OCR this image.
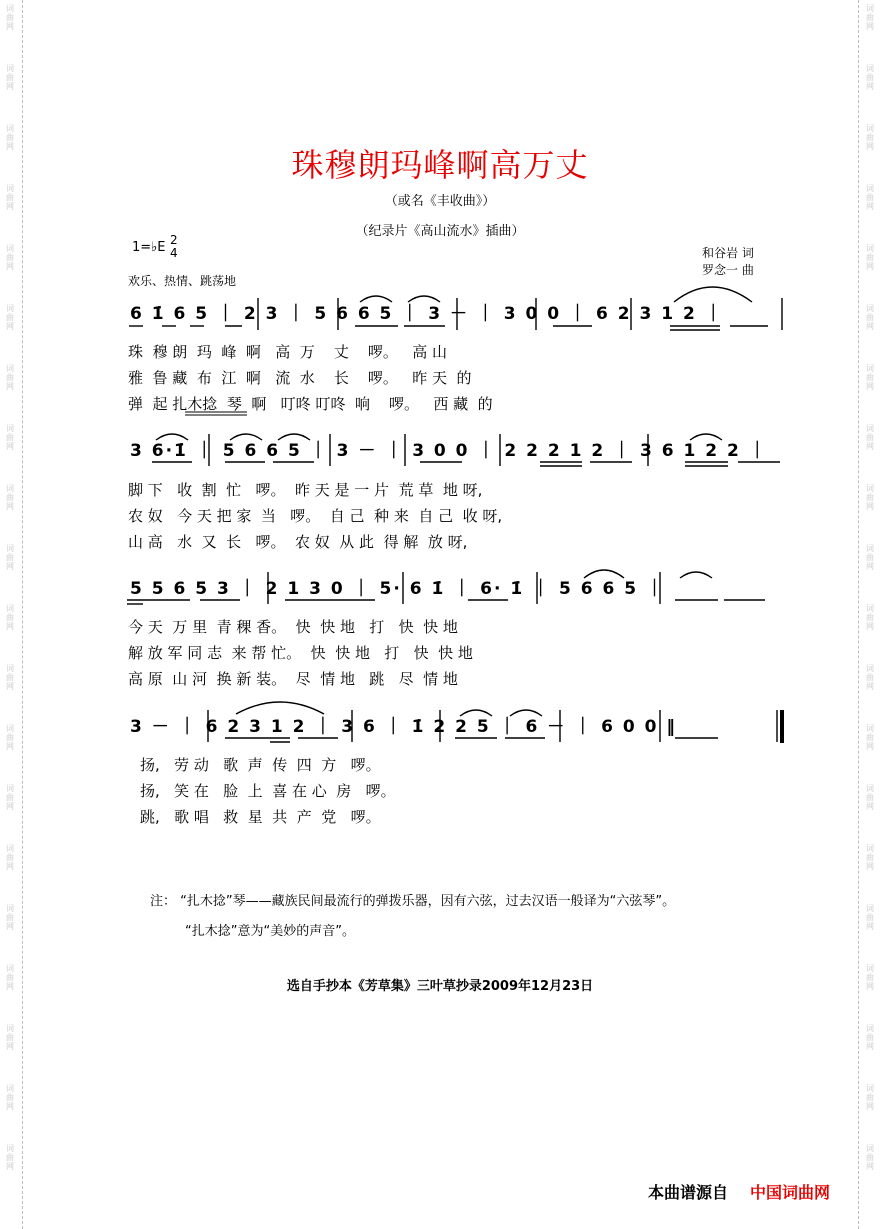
词
曲
网
词
曲
网
词
曲
网
词
曲
网
词
曲
网
词
曲
网
词
曲
网
词
曲
网
词
曲
网
词
曲
网
词
曲
网
词
曲
网
词
曲
网
词
曲
网
词
曲
网
词
曲
网
词
曲
网
词
曲
网
词
曲
网
词
曲
网
词
曲
网
词
曲
网
词
曲
网
词
曲
网
词
曲
网
词
曲
网
词
曲
网
词
曲
网
词
曲
网
词
曲
网
词
曲
网
词
曲
网
词
曲
网
词
曲
网
词
曲
网
词
曲
网
词
曲
网
词
曲
网
词
曲
网
词
曲
网
珠穆朗玛峰啊高万丈
（或名《丰收曲》）
（纪录片《高山流水》插曲）
1=♭E 2
4
欢乐、热情、跳荡地
和谷岩 词
罗念一 曲
6 1̇ 6 5 ｜ 2 3 ｜ 5 6 6 5 ｜ 3 － ｜ 3 0 0 ｜ 6 2 3 1 2 ｜
珠  穆 朗  玛  峰  啊   高  万    丈    啰。   高 山
雅  鲁 藏  布  江  啊   流  水    长    啰。   昨 天  的
弹  起 扎木捻  琴  啊   叮咚 叮咚  响    啰。   西 藏  的
3 6·1̇ ｜ 5 6 6 5 ｜ 3 － ｜ 3 0 0 ｜ 2 2 2 1 2 ｜ 3 6 1 2 2 ｜
脚 下   收  割  忙   啰。  昨 天 是 一 片  荒 草  地 呀,
农 奴   今 天 把 家  当   啰。  自 己  种 来  自 己  收 呀,
山 高   水  又  长   啰。  农 奴  从 此  得 解  放 呀,
5 5 6 5 3 ｜ 2 1 3 0 ｜ 5· 6 1̇ ｜ 6· 1̇ ｜ 5 6 6 5 ｜
今 天  万 里  青 稞 香。  快  快 地   打   快  快 地
解 放 军 同 志  来 帮 忙。  快  快 地   打   快  快 地
高 原  山 河  换 新 装。  尽  情 地   跳   尽  情 地
3 － ｜ 6 2 3 1 2 ｜ 3 6 ｜ 1̇ 2 2 5 ｜ 6 － ｜ 6 0 0 ‖
扬,   劳 动   歌  声  传  四  方   啰。
扬,   笑 在   脸  上  喜 在 心  房   啰。
跳,   歌 唱   救  星  共  产  党   啰。
注： “扎木捻”琴——藏族民间最流行的弹拨乐器，因有六弦，过去汉语一般译为“六弦琴”。
“扎木捻”意为“美妙的声音”。
选自手抄本《芳草集》三叶草抄录2009年12月23日
本曲谱源自 中国词曲网
